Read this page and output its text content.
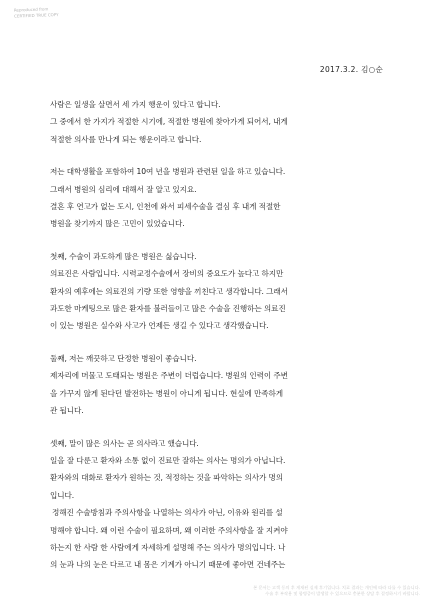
Reproduced from
CERTIFIED TRUE COPY
2017.3.2. 김○순
사람은 일생을 살면서 세 가지 행운이 있다고 합니다.
그 중에서 한 가지가 적절한 시기에, 적절한 병원에 찾아가게 되어서, 내게
적절한 의사를 만나게 되는 행운이라고 합니다.
저는 대학생활을 포함하여 10여 년을 병원과 관련된 일을 하고 있습니다.
그래서 병원의 심리에 대해서 잘 알고 있지요.
결혼 후 연고가 없는 도시, 인천에 와서 피세수술을 결심 후 내게 적절한
병원을 찾기까지 많은 고민이 있었습니다.
첫째, 수술이 과도하게 많은 병원은 싫습니다.
의료진은 사람입니다. 시력교정수술에서 장비의 중요도가 높다고 하지만
환자의 예후에는 의료진의 기량 또한 영향을 끼친다고 생각합니다. 그래서
과도한 마케팅으로 많은 환자를 불러들이고 많은 수술을 진행하는 의료진
이 있는 병원은 실수와 사고가 언제든 생길 수 있다고 생각했습니다.
둘째, 저는 깨끗하고 단정한 병원이 좋습니다.
제자리에 머물고 도태되는 병원은 주변이 더럽습니다. 병원의 인력이 주변
을 가꾸지 않게 된다던 발전하는 병원이 아니게 됩니다. 현실에 만족하게
관 됩니다.
셋째, 말이 많은 의사는 곧 의사라고 했습니다.
일을 잘 다룬고 환자와 소통 없이 진료만 잘하는 의사는 명의가 아닙니다.
환자와의 대화로 환자가 원하는 것, 적정하는 것을 파악하는 의사가 명의
입니다.
정해진 수술방침과 주의사항을 나열하는 의사가 아닌, 이유와 원리를 설
명해야 합니다. 왜 이런 수술이 필요하며, 왜 이러한 주의사항을 잘 지켜야
하는지 한 사람 한 사람에게 자세하게 설명해 주는 의사가 명의입니다. 나
의 눈과 나의 눈은 다르고 내 몸은 기계가 아니기 때문에 좋아면 건네주는
본 문서는 고객 동의 후 게재된 실제 후기입니다. 치료 결과는 개인에 따라 다를 수 있습니다.
수술 후 부작용 및 합병증이 발생할 수 있으므로 충분한 상담 후 결정하시기 바랍니다.
